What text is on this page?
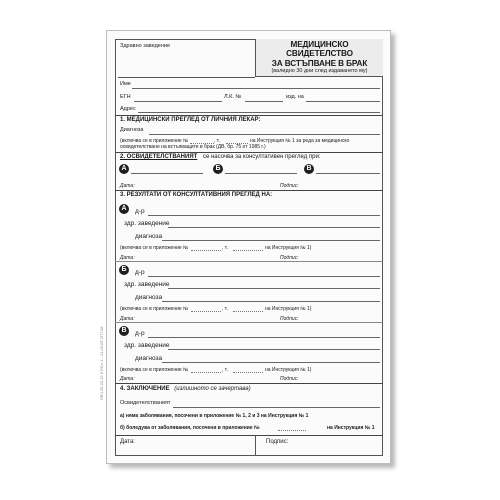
Здравно заведение	МЕДИЦИНСКО СВИДЕТЕЛСТВО
ЗА ВСТЪПВАНЕ В БРАК
(валидно 30 дни след издаването му)
Име
ЕГН	Л.К. №	изд. на
Адрес
1. МЕДИЦИНСКИ ПРЕГЛЕД ОТ ЛИЧНИЯ ЛЕКАР:
Диагноза
(включва се в приложение №	, т.	на Инструкция № 1 за реда за медицинско
освидетелстване на встъпващите в брак (ДВ, бр. 75 от 1985 г.)
2. ОСВИДЕТЕЛСТВАНИЯТ се насочва за консултативен преглед при:
A	Б	В
Дата:	Подпис:
3. РЕЗУЛТАТИ ОТ КОНСУЛТАТИВНИЯ ПРЕГЛЕД НА:
A	д-р
здр. заведение
диагноза
(включва се в приложение №	, т.	на Инструкция № 1)
Дата:	Подпис:
Б	д-р
здр. заведение
диагноза
(включва се в приложение №	, т.	на Инструкция № 1)
Дата:	Подпис:
В	д-р
здр. заведение
диагноза
(включва се в приложение №	, т.	на Инструкция № 1)
Дата:	Подпис:
4. ЗАКЛЮЧЕНИЕ (излишното се зачертава)
Освидетелстваният
а) няма заболявания, посочени в приложение № 1, 2 и 3 на Инструкция № 1
б) боледува от заболявания, посочени в приложение №	на Инструкция № 1
Дата:	Подпис:
ЛЕЧ.05.20.12 б.Р.Бл.1 - 21.03.ВТ.2ГП.08
